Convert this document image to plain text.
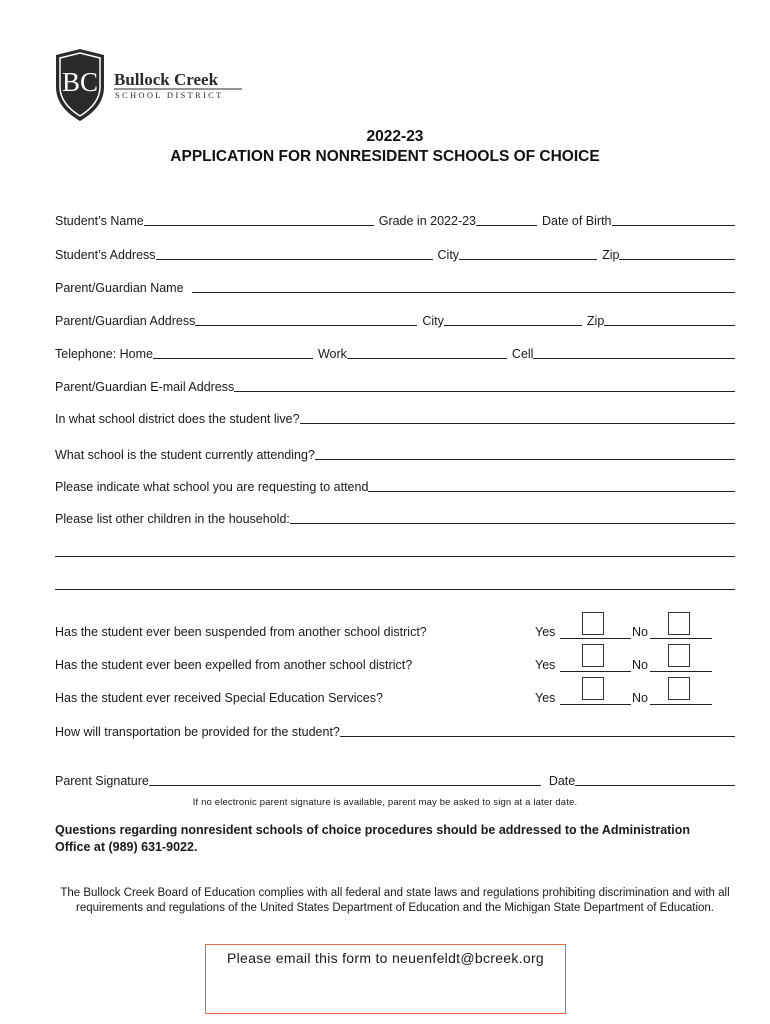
BC Bullock Creek
SCHOOL DISTRICT
2022-23
APPLICATION FOR NONRESIDENT SCHOOLS OF CHOICE
Student’s Name	Grade in 2022-23	Date of Birth
Student’s Address	City	Zip
Parent/Guardian Name
Parent/Guardian Address	City	Zip
Telephone: Home	Work	Cell
Parent/Guardian E-mail Address
In what school district does the student live?
What school is the student currently attending?
Please indicate what school you are requesting to attend
Please list other children in the household:
Has the student ever been suspended from another school district?	Yes	No
Has the student ever been expelled from another school district?	Yes	No
Has the student ever received Special Education Services?	Yes	No
How will transportation be provided for the student?
Parent Signature	Date
If no electronic parent signature is available, parent may be asked to sign at a later date.
Questions regarding nonresident schools of choice procedures should be addressed to the Administration Office at (989) 631-9022.
The Bullock Creek Board of Education complies with all federal and state laws and regulations prohibiting discrimination and with all requirements and regulations of the United States Department of Education and the Michigan State Department of Education.
Please email this form to neuenfeldt@bcreek.org
